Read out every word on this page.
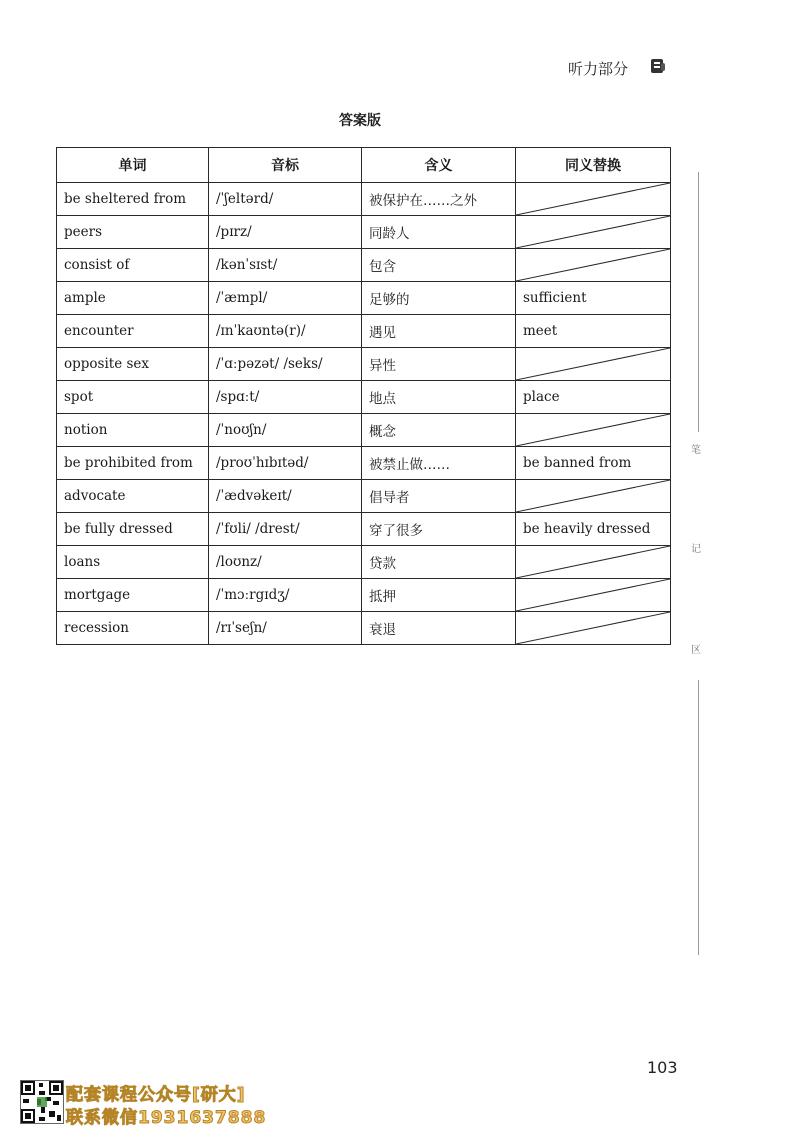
听力部分
答案版
单词	音标	含义	同义替换
be sheltered from	/ˈʃeltərd/	被保护在……之外	

peers	/pɪrz/	同龄人	

consist of	/kənˈsɪst/	包含	

ample	/ˈæmpl/	足够的	sufficient
encounter	/ɪnˈkaʊntə(r)/	遇见	meet
opposite sex	/ˈɑːpəzət/ /seks/	异性	

spot	/spɑːt/	地点	place
notion	/ˈnoʊʃn/	概念	

be prohibited from	/proʊˈhɪbɪtəd/	被禁止做……	be banned from
advocate	/ˈædvəkeɪt/	倡导者	

be fully dressed	/ˈfʊli/ /drest/	穿了很多	be heavily dressed
loans	/loʊnz/	贷款	

mortgage	/ˈmɔːrgɪdʒ/	抵押	

recession	/rɪˈseʃn/	衰退	
笔
记
区
103
配套课程公众号[研大]
联系微信1931637888
